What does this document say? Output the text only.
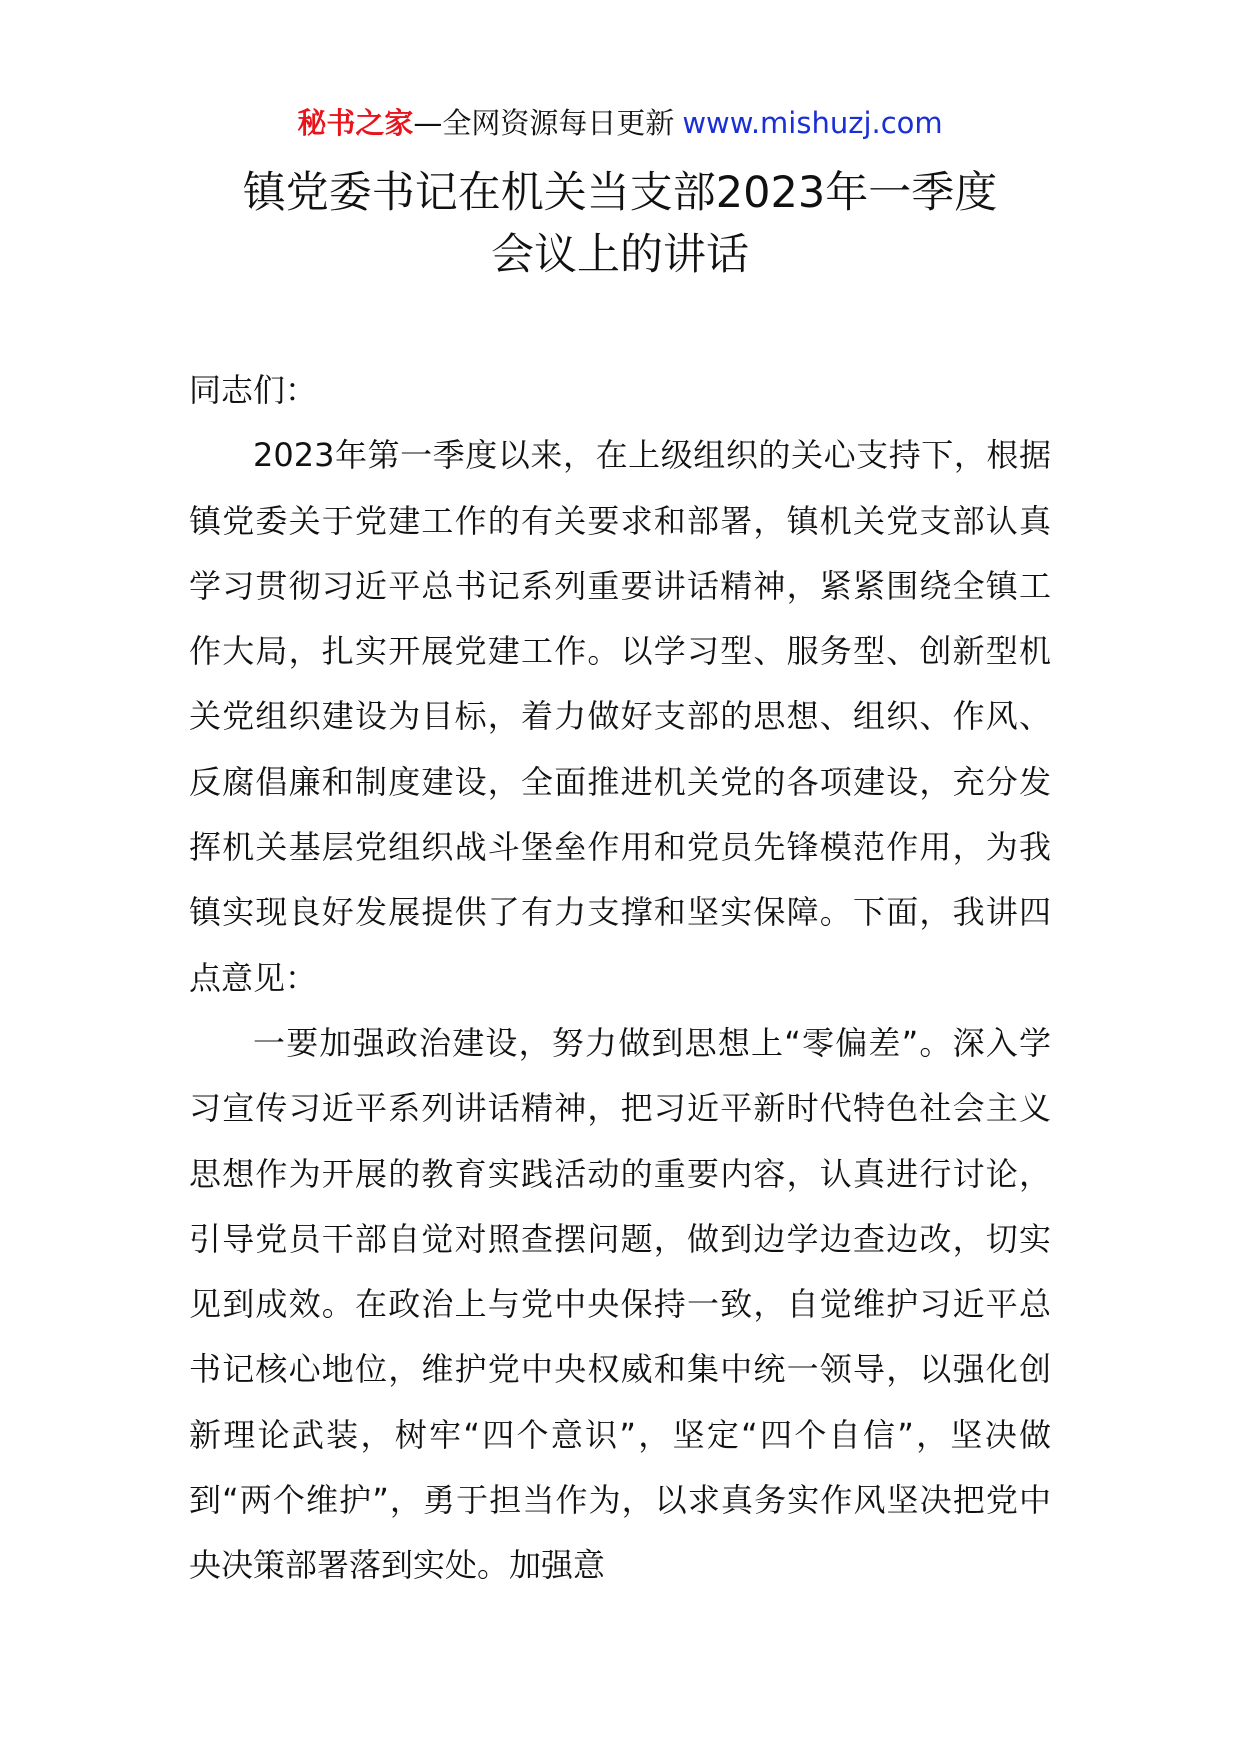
秘书之家—全网资源每日更新 www.mishuzj.com
镇党委书记在机关当支部2023年一季度
会议上的讲话

同志们：

2023年第一季度以来，在上级组织的关心支持下，根据镇党委关于党建工作的有关要求和部署，镇机关党支部认真学习贯彻习近平总书记系列重要讲话精神，紧紧围绕全镇工作大局，扎实开展党建工作。以学习型、服务型、创新型机关党组织建设为目标，着力做好支部的思想、组织、作风、反腐倡廉和制度建设，全面推进机关党的各项建设，充分发挥机关基层党组织战斗堡垒作用和党员先锋模范作用，为我镇实现良好发展提供了有力支撑和坚实保障。下面，我讲四点意见：

一要加强政治建设，努力做到思想上“零偏差”。深入学习宣传习近平系列讲话精神，把习近平新时代特色社会主义思想作为开展的教育实践活动的重要内容，认真进行讨论，引导党员干部自觉对照查摆问题，做到边学边查边改，切实见到成效。在政治上与党中央保持一致，自觉维护习近平总书记核心地位，维护党中央权威和集中统一领导，以强化创新理论武装，树牢“四个意识”，坚定“四个自信”，坚决做到“两个维护”，勇于担当作为，以求真务实作风坚决把党中央决策部署落到实处。加强意
